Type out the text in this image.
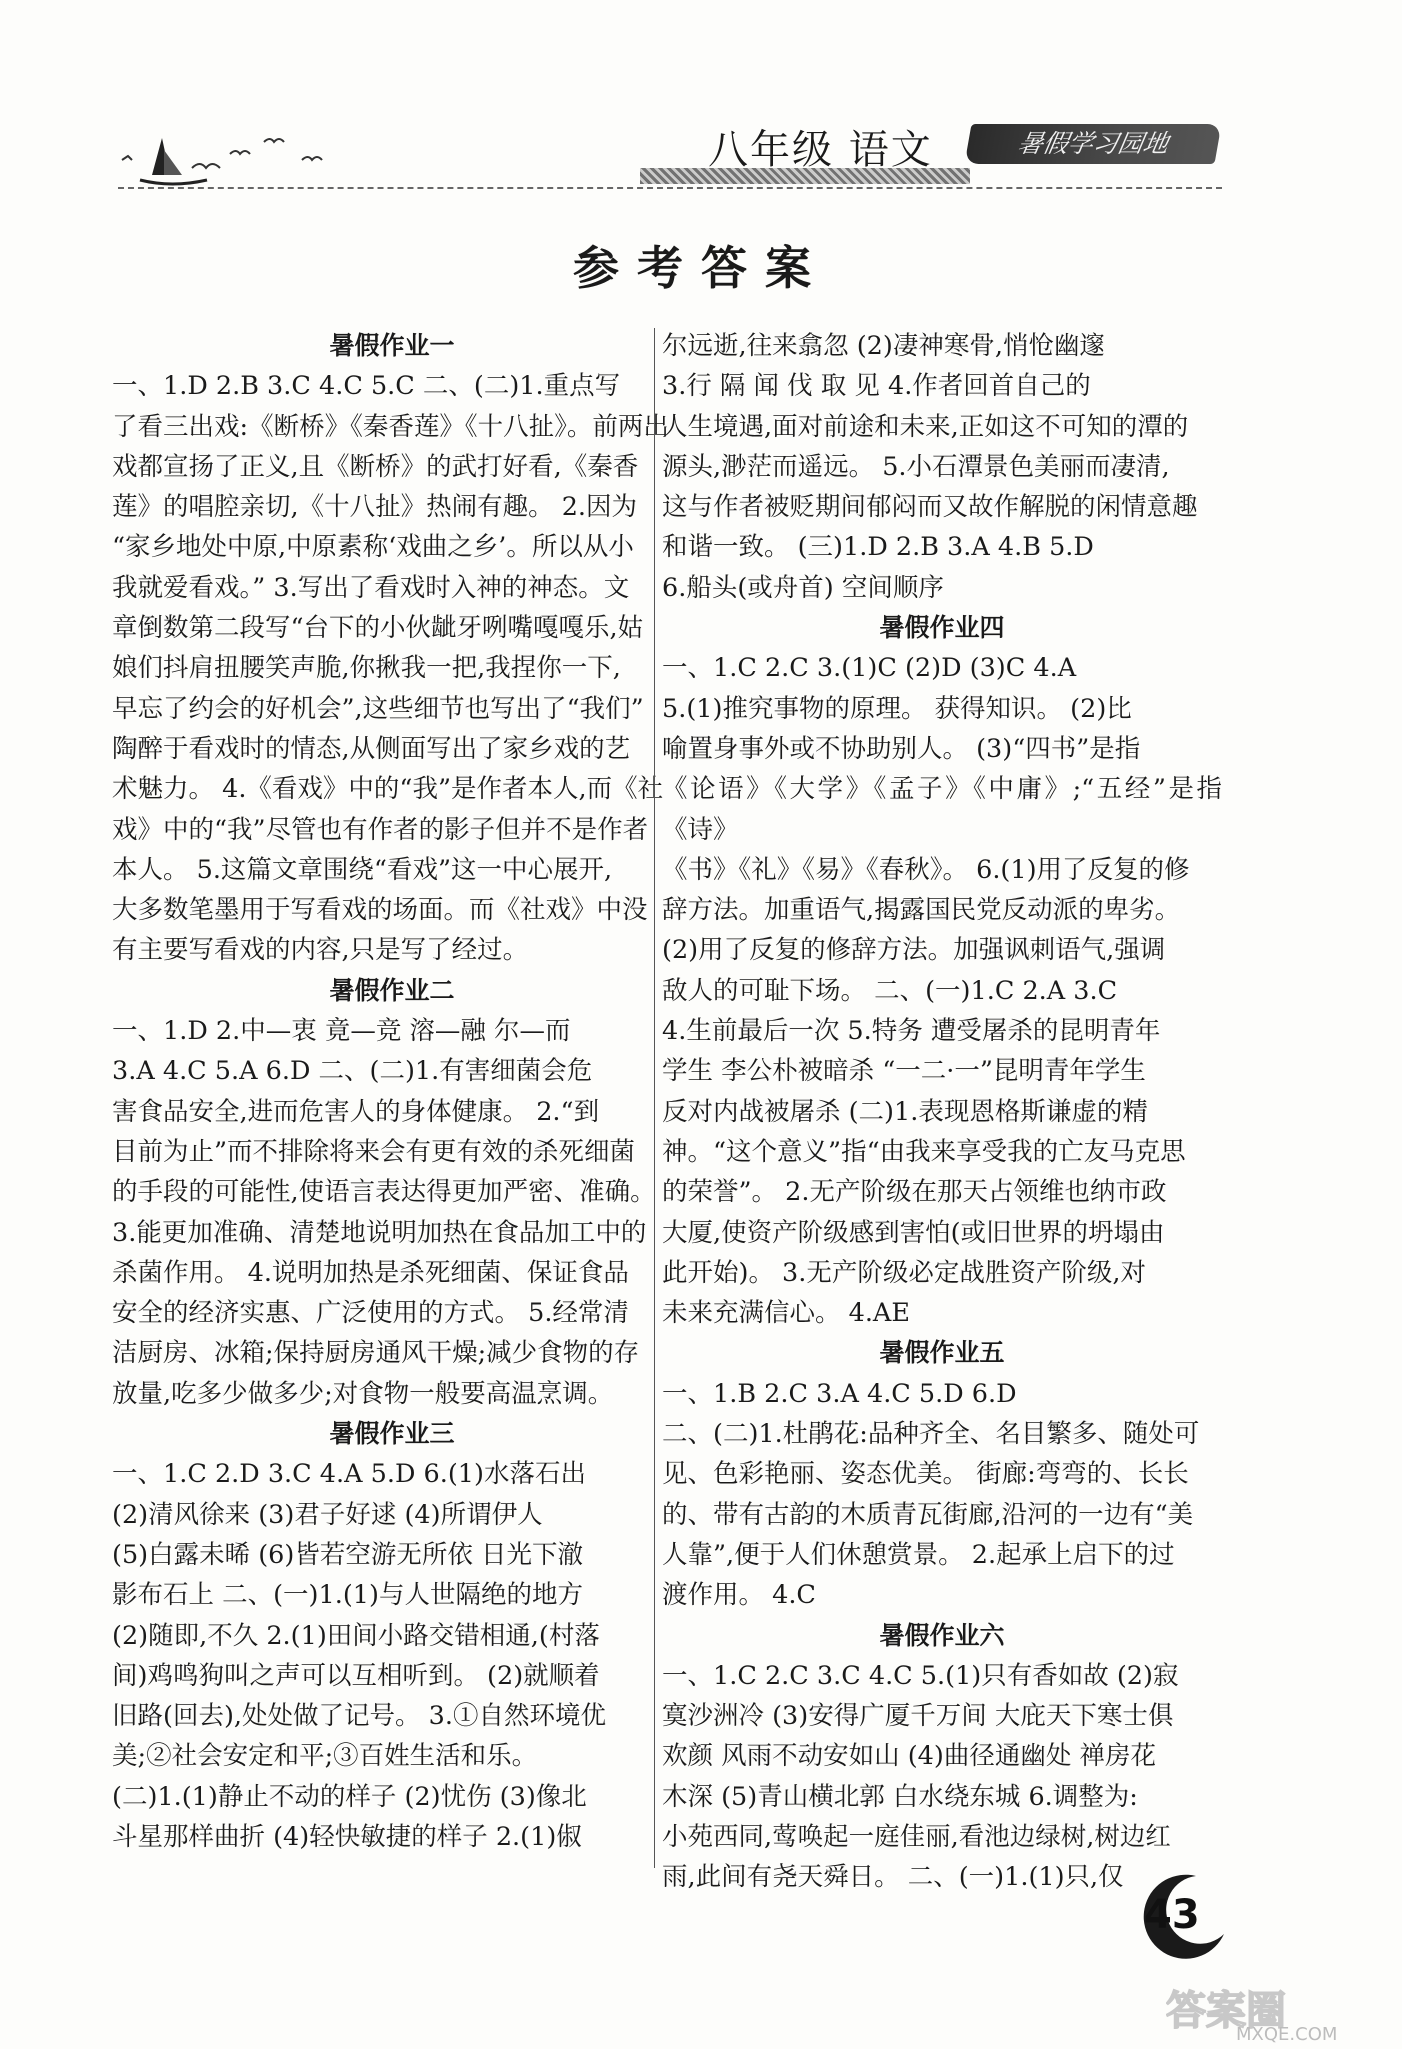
八年级 语文	暑假学习园地
参考答案

暑假作业一

一、1.D 2.B 3.C 4.C 5.C 二、(二)1.重点写

了看三出戏:《断桥》《秦香莲》《十八扯》。前两出

戏都宣扬了正义,且《断桥》的武打好看,《秦香

莲》的唱腔亲切,《十八扯》热闹有趣。 2.因为

“家乡地处中原,中原素称‘戏曲之乡’。所以从小

我就爱看戏。” 3.写出了看戏时入神的神态。文

章倒数第二段写“台下的小伙龇牙咧嘴嘎嘎乐,姑

娘们抖肩扭腰笑声脆,你揪我一把,我捏你一下,

早忘了约会的好机会”,这些细节也写出了“我们”

陶醉于看戏时的情态,从侧面写出了家乡戏的艺

术魅力。 4.《看戏》中的“我”是作者本人,而《社

戏》中的“我”尽管也有作者的影子但并不是作者

本人。 5.这篇文章围绕“看戏”这一中心展开,

大多数笔墨用于写看戏的场面。而《社戏》中没

有主要写看戏的内容,只是写了经过。

暑假作业二

一、1.D 2.中—衷 竟—竞 溶—融 尔—而

3.A 4.C 5.A 6.D 二、(二)1.有害细菌会危

害食品安全,进而危害人的身体健康。 2.“到

目前为止”而不排除将来会有更有效的杀死细菌

的手段的可能性,使语言表达得更加严密、准确。

3.能更加准确、清楚地说明加热在食品加工中的

杀菌作用。 4.说明加热是杀死细菌、保证食品

安全的经济实惠、广泛使用的方式。 5.经常清

洁厨房、冰箱;保持厨房通风干燥;减少食物的存

放量,吃多少做多少;对食物一般要高温烹调。

暑假作业三

一、1.C 2.D 3.C 4.A 5.D 6.(1)水落石出

(2)清风徐来 (3)君子好逑 (4)所谓伊人

(5)白露未晞 (6)皆若空游无所依 日光下澈

影布石上 二、(一)1.(1)与人世隔绝的地方

(2)随即,不久 2.(1)田间小路交错相通,(村落

间)鸡鸣狗叫之声可以互相听到。 (2)就顺着

旧路(回去),处处做了记号。 3.①自然环境优

美;②社会安定和平;③百姓生活和乐。

(二)1.(1)静止不动的样子 (2)忧伤 (3)像北

斗星那样曲折 (4)轻快敏捷的样子 2.(1)俶

尔远逝,往来翕忽 (2)凄神寒骨,悄怆幽邃

3.行 隔 闻 伐 取 见 4.作者回首自己的

人生境遇,面对前途和未来,正如这不可知的潭的

源头,渺茫而遥远。 5.小石潭景色美丽而凄清,

这与作者被贬期间郁闷而又故作解脱的闲情意趣

和谐一致。 (三)1.D 2.B 3.A 4.B 5.D

6.船头(或舟首) 空间顺序

暑假作业四

一、1.C 2.C 3.(1)C (2)D (3)C 4.A

5.(1)推究事物的原理。 获得知识。 (2)比

喻置身事外或不协助别人。 (3)“四书”是指

《论语》《大学》《孟子》《中庸》;“五经”是指《诗》

《书》《礼》《易》《春秋》。 6.(1)用了反复的修

辞方法。加重语气,揭露国民党反动派的卑劣。

(2)用了反复的修辞方法。加强讽刺语气,强调

敌人的可耻下场。 二、(一)1.C 2.A 3.C

4.生前最后一次 5.特务 遭受屠杀的昆明青年

学生 李公朴被暗杀 “一二·一”昆明青年学生

反对内战被屠杀 (二)1.表现恩格斯谦虚的精

神。“这个意义”指“由我来享受我的亡友马克思

的荣誉”。 2.无产阶级在那天占领维也纳市政

大厦,使资产阶级感到害怕(或旧世界的坍塌由

此开始)。 3.无产阶级必定战胜资产阶级,对

未来充满信心。 4.AE

暑假作业五

一、1.B 2.C 3.A 4.C 5.D 6.D

二、(二)1.杜鹃花:品种齐全、名目繁多、随处可

见、色彩艳丽、姿态优美。 街廊:弯弯的、长长

的、带有古韵的木质青瓦街廊,沿河的一边有“美

人靠”,便于人们休憩赏景。 2.起承上启下的过

渡作用。 4.C

暑假作业六

一、1.C 2.C 3.C 4.C 5.(1)只有香如故 (2)寂

寞沙洲冷 (3)安得广厦千万间 大庇天下寒士俱

欢颜 风雨不动安如山 (4)曲径通幽处 禅房花

木深 (5)青山横北郭 白水绕东城 6.调整为:

小苑西同,莺唤起一庭佳丽,看池边绿树,树边红

雨,此间有尧天舜日。 二、(一)1.(1)只,仅

43
答案圈
MXQE.COM
